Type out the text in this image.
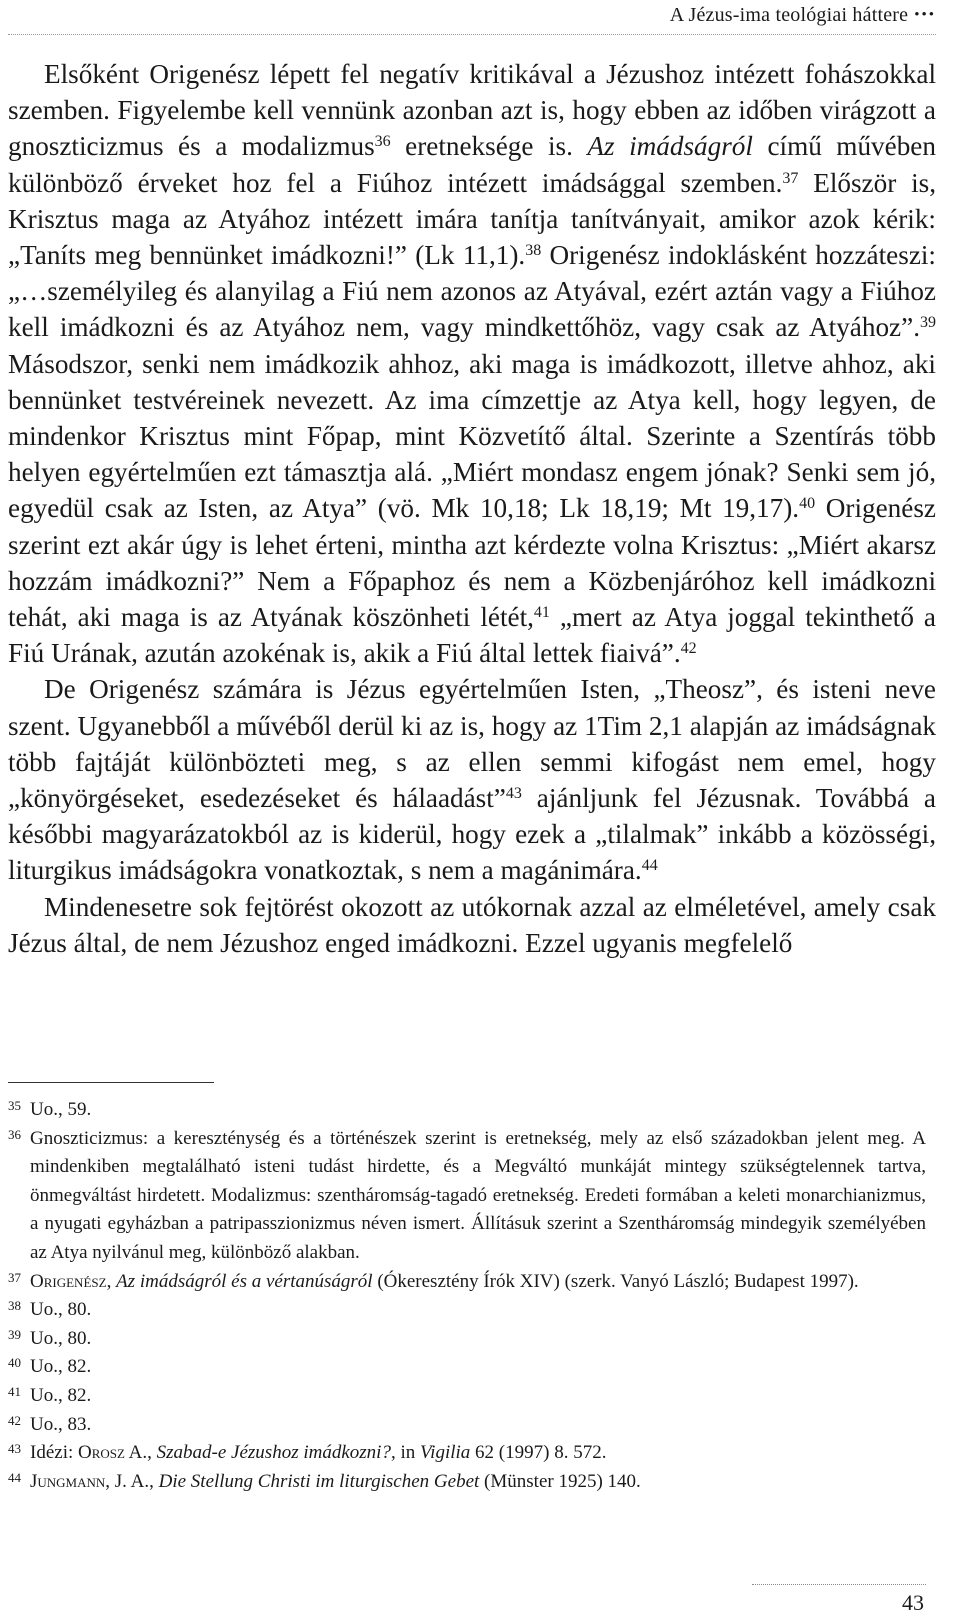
A Jézus-ima teológiai háttere •••

Elsőként Origenész lépett fel negatív kritikával a Jézushoz intézett fohászokkal szemben. Figyelembe kell vennünk azonban azt is, hogy ebben az időben virágzott a gnoszticizmus és a modalizmus$^{36}$ eretneksége is. Az imádságról című művében különböző érveket hoz fel a Fiúhoz intézett imádsággal szemben.$^{37}$ Először is, Krisztus maga az Atyához intézett imára tanítja tanítványait, amikor azok kérik: „Taníts meg bennünket imádkozni!” (Lk 11,1).$^{38}$ Origenész indoklásként hozzáteszi: „…személyileg és alanyilag a Fiú nem azonos az Atyával, ezért aztán vagy a Fiúhoz kell imádkozni és az Atyához nem, vagy mindkettőhöz, vagy csak az Atyához”.$^{39}$ Másodszor, senki nem imádkozik ahhoz, aki maga is imádkozott, illetve ahhoz, aki bennünket testvéreinek nevezett. Az ima címzettje az Atya kell, hogy legyen, de mindenkor Krisztus mint Főpap, mint Közvetítő által. Szerinte a Szentírás több helyen egyértelműen ezt támasztja alá. „Miért mondasz engem jónak? Senki sem jó, egyedül csak az Isten, az Atya” (vö. Mk 10,18; Lk 18,19; Mt 19,17).$^{40}$ Origenész szerint ezt akár úgy is lehet érteni, mintha azt kérdezte volna Krisztus: „Miért akarsz hozzám imádkozni?” Nem a Főpaphoz és nem a Közbenjáróhoz kell imádkozni tehát, aki maga is az Atyának köszönheti létét,$^{41}$ „mert az Atya joggal tekinthető a Fiú Urának, azután azokénak is, akik a Fiú által lettek fiaivá”.$^{42}$

De Origenész számára is Jézus egyértelműen Isten, „Theosz”, és isteni neve szent. Ugyanebből a művéből derül ki az is, hogy az 1Tim 2,1 alapján az imádságnak több fajtáját különbözteti meg, s az ellen semmi kifogást nem emel, hogy „könyörgéseket, esedezéseket és hálaadást”$^{43}$ ajánljunk fel Jézusnak. Továbbá a későbbi magyarázatokból az is kiderül, hogy ezek a „tilalmak” inkább a közösségi, liturgikus imádságokra vonatkoztak, s nem a magánimára.$^{44}$

Mindenesetre sok fejtörést okozott az utókornak azzal az elméletével, amely csak Jézus által, de nem Jézushoz enged imádkozni. Ezzel ugyanis megfelelő

35 Uo., 59.
36 Gnoszticizmus: a kereszténység és a történészek szerint is eretnekség, mely az első századokban jelent meg. A mindenkiben megtalálható isteni tudást hirdette, és a Megváltó munkáját mintegy szükségtelennek tartva, önmegváltást hirdetett. Modalizmus: szentháromság-tagadó eretnekség. Eredeti formában a keleti monarchianizmus, a nyugati egyházban a patripasszionizmus néven ismert. Állításuk szerint a Szentháromság mindegyik személyében az Atya nyilvánul meg, különböző alakban.
37 Origenész, Az imádságról és a vértanúságról (Ókeresztény Írók XIV) (szerk. Vanyó László; Budapest 1997).
38 Uo., 80.
39 Uo., 80.
40 Uo., 82.
41 Uo., 82.
42 Uo., 83.
43 Idézi: Orosz A., Szabad-e Jézushoz imádkozni?, in Vigilia 62 (1997) 8. 572.
44 Jungmann, J. A., Die Stellung Christi im liturgischen Gebet (Münster 1925) 140.
43
